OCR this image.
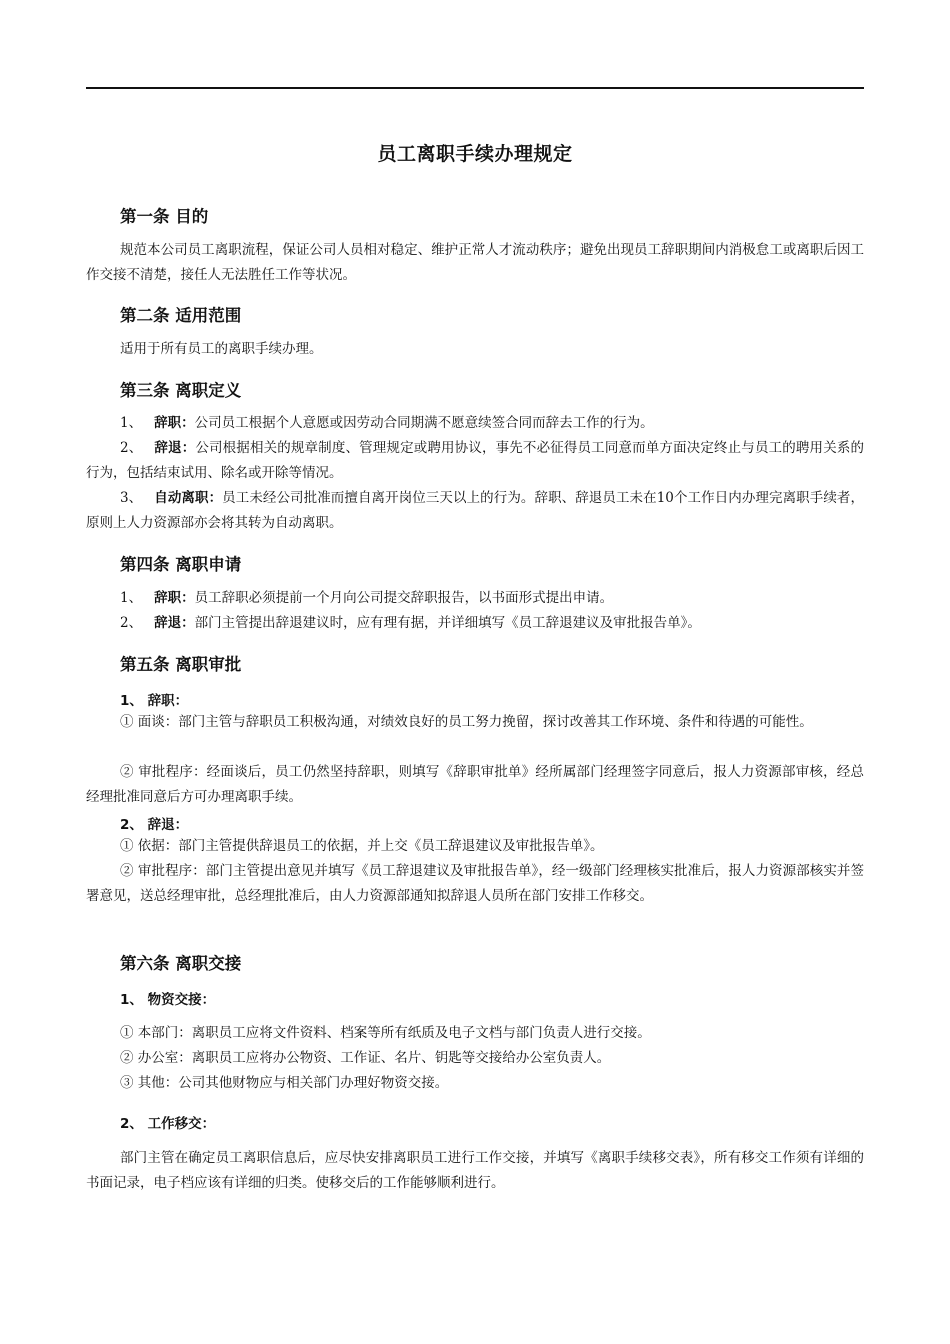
员工离职手续办理规定
第一条 目的
规范本公司员工离职流程，保证公司人员相对稳定、维护正常人才流动秩序；避免出现员工辞职期间内消极怠工或离职后因工作交接不清楚，接任人无法胜任工作等状况。
第二条 适用范围
适用于所有员工的离职手续办理。
第三条 离职定义
1、 辞职：公司员工根据个人意愿或因劳动合同期满不愿意续签合同而辞去工作的行为。
2、 辞退：公司根据相关的规章制度、管理规定或聘用协议，事先不必征得员工同意而单方面决定终止与员工的聘用关系的行为，包括结束试用、除名或开除等情况。
3、 自动离职：员工未经公司批准而擅自离开岗位三天以上的行为。辞职、辞退员工未在10个工作日内办理完离职手续者，原则上人力资源部亦会将其转为自动离职。
第四条 离职申请
1、 辞职：员工辞职必须提前一个月向公司提交辞职报告，以书面形式提出申请。
2、 辞退：部门主管提出辞退建议时，应有理有据，并详细填写《员工辞退建议及审批报告单》。
第五条 离职审批
1、 辞职：
① 面谈：部门主管与辞职员工积极沟通，对绩效良好的员工努力挽留，探讨改善其工作环境、条件和待遇的可能性。
② 审批程序：经面谈后，员工仍然坚持辞职，则填写《辞职审批单》经所属部门经理签字同意后，报人力资源部审核，经总经理批准同意后方可办理离职手续。
2、 辞退：
① 依据：部门主管提供辞退员工的依据，并上交《员工辞退建议及审批报告单》。
② 审批程序：部门主管提出意见并填写《员工辞退建议及审批报告单》，经一级部门经理核实批准后，报人力资源部核实并签署意见，送总经理审批，总经理批准后，由人力资源部通知拟辞退人员所在部门安排工作移交。
第六条 离职交接
1、 物资交接：
① 本部门：离职员工应将文件资料、档案等所有纸质及电子文档与部门负责人进行交接。
② 办公室：离职员工应将办公物资、工作证、名片、钥匙等交接给办公室负责人。
③ 其他：公司其他财物应与相关部门办理好物资交接。
2、 工作移交：
部门主管在确定员工离职信息后，应尽快安排离职员工进行工作交接，并填写《离职手续移交表》，所有移交工作须有详细的书面记录，电子档应该有详细的归类。使移交后的工作能够顺利进行。
